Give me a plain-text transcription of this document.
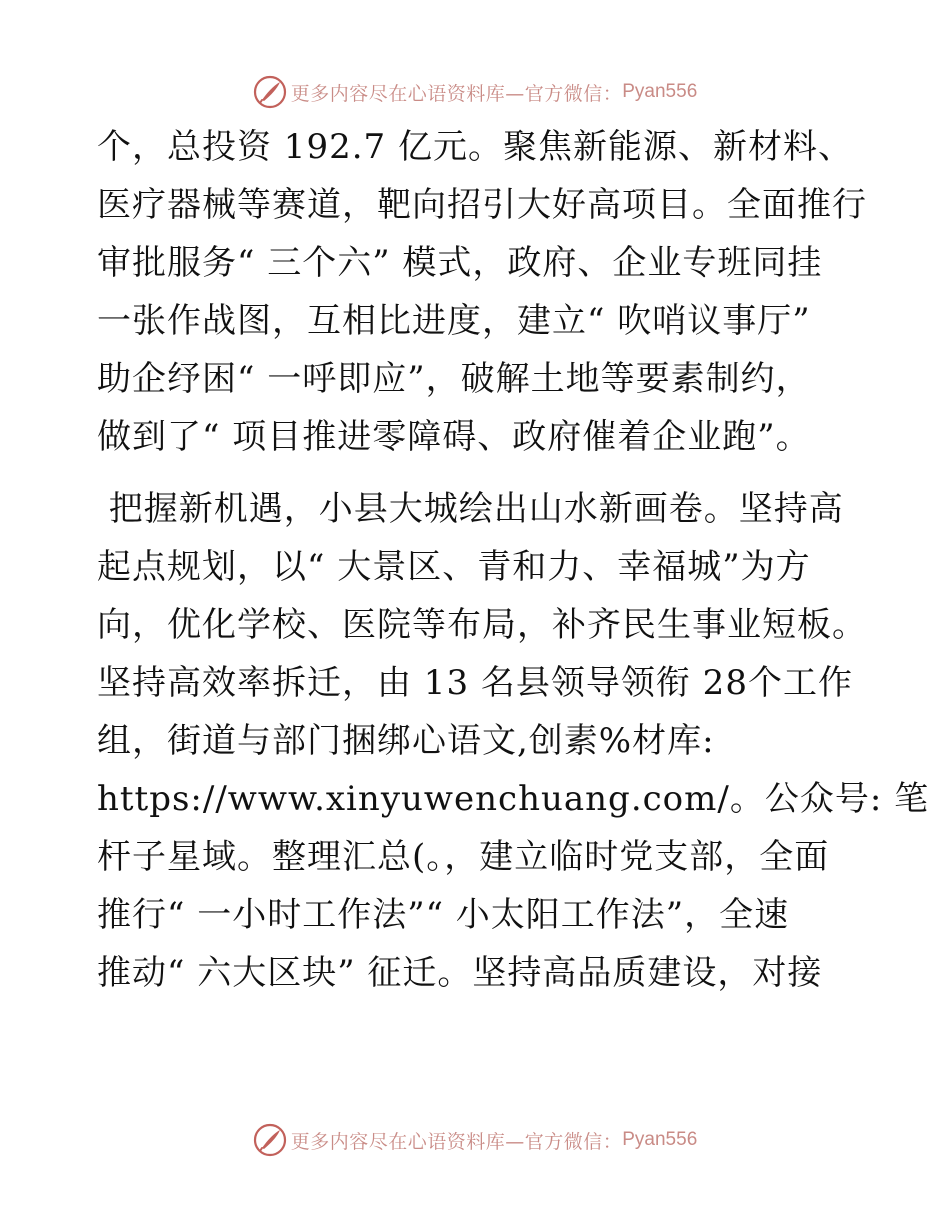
更多内容尽在心语资料库—官方微信： Pyan556
个，总投资 192.7 亿元。聚焦新能源、新材料、
医疗器械等赛道，靶向招引大好高项目。全面推行
审批服务“ 三个六” 模式，政府、企业专班同挂
一张作战图，互相比进度，建立“ 吹哨议事厅”
助企纾困“ 一呼即应”，破解土地等要素制约，
做到了“ 项目推进零障碍、政府催着企业跑”。
把握新机遇，小县大城绘出山水新画卷。坚持高
起点规划，以“ 大景区、青和力、幸福城”为方
向，优化学校、医院等布局，补齐民生事业短板。
坚持高效率拆迁，由 13 名县领导领衔 28个工作
组，街道与部门捆绑心语文,创素%材库:
https://www.xinyuwenchuang.com/。公众号: 笔
杆子星域。整理汇总(。，建立临时党支部，全面
推行“ 一小时工作法”“ 小太阳工作法”，全速
推动“ 六大区块” 征迁。坚持高品质建设，对接
更多内容尽在心语资料库—官方微信： Pyan556
